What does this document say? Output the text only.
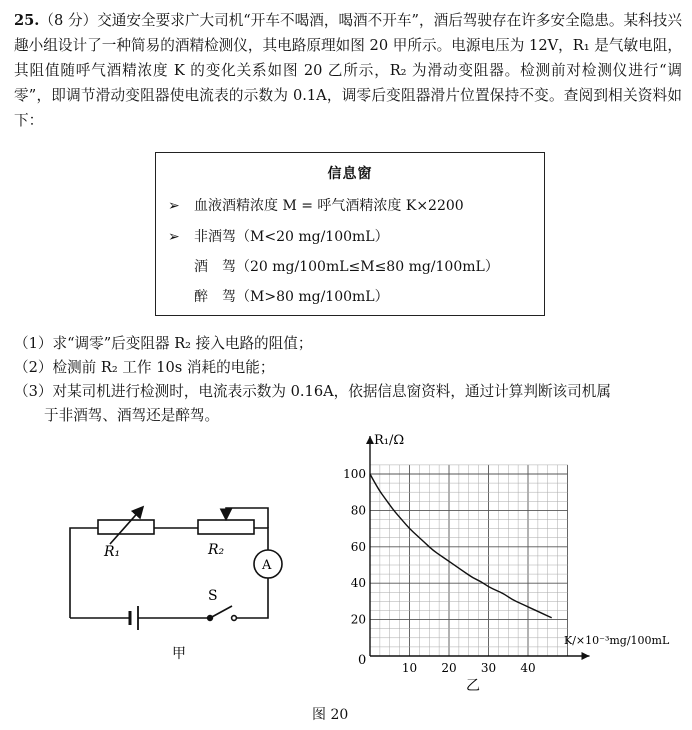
25.（8 分）交通安全要求广大司机“开车不喝酒，喝酒不开车”，酒后驾驶存在许多安全隐患。某科技兴趣小组设计了一种简易的酒精检测仪，其电路原理如图 20 甲所示。电源电压为 12V，R₁ 是气敏电阻，其阻值随呼气酒精浓度 K 的变化关系如图 20 乙所示，R₂ 为滑动变阻器。检测前对检测仪进行“调零”，即调节滑动变阻器使电流表的示数为 0.1A，调零后变阻器滑片位置保持不变。查阅到相关资料如下：

信息窗
➢ 血液酒精浓度 M = 呼气酒精浓度 K×2200
➢ 非酒驾（M<20 mg/100mL）
酒　驾（20 mg/100mL≤M≤80 mg/100mL）
醉　驾（M>80 mg/100mL）

（1）求“调零”后变阻器 R₂ 接入电路的阻值；

（2）检测前 R₂ 工作 10s 消耗的电能；

（3）对某司机进行检测时，电流表示数为 0.16A，依据信息窗资料，通过计算判断该司机属

于非酒驾、酒驾还是醉驾。

R₁	R₂
A
S
甲
10 20 30 40
20
40
60
80
100
R₁/Ω
K/×10⁻³mg/100mL
0
乙
图 20
